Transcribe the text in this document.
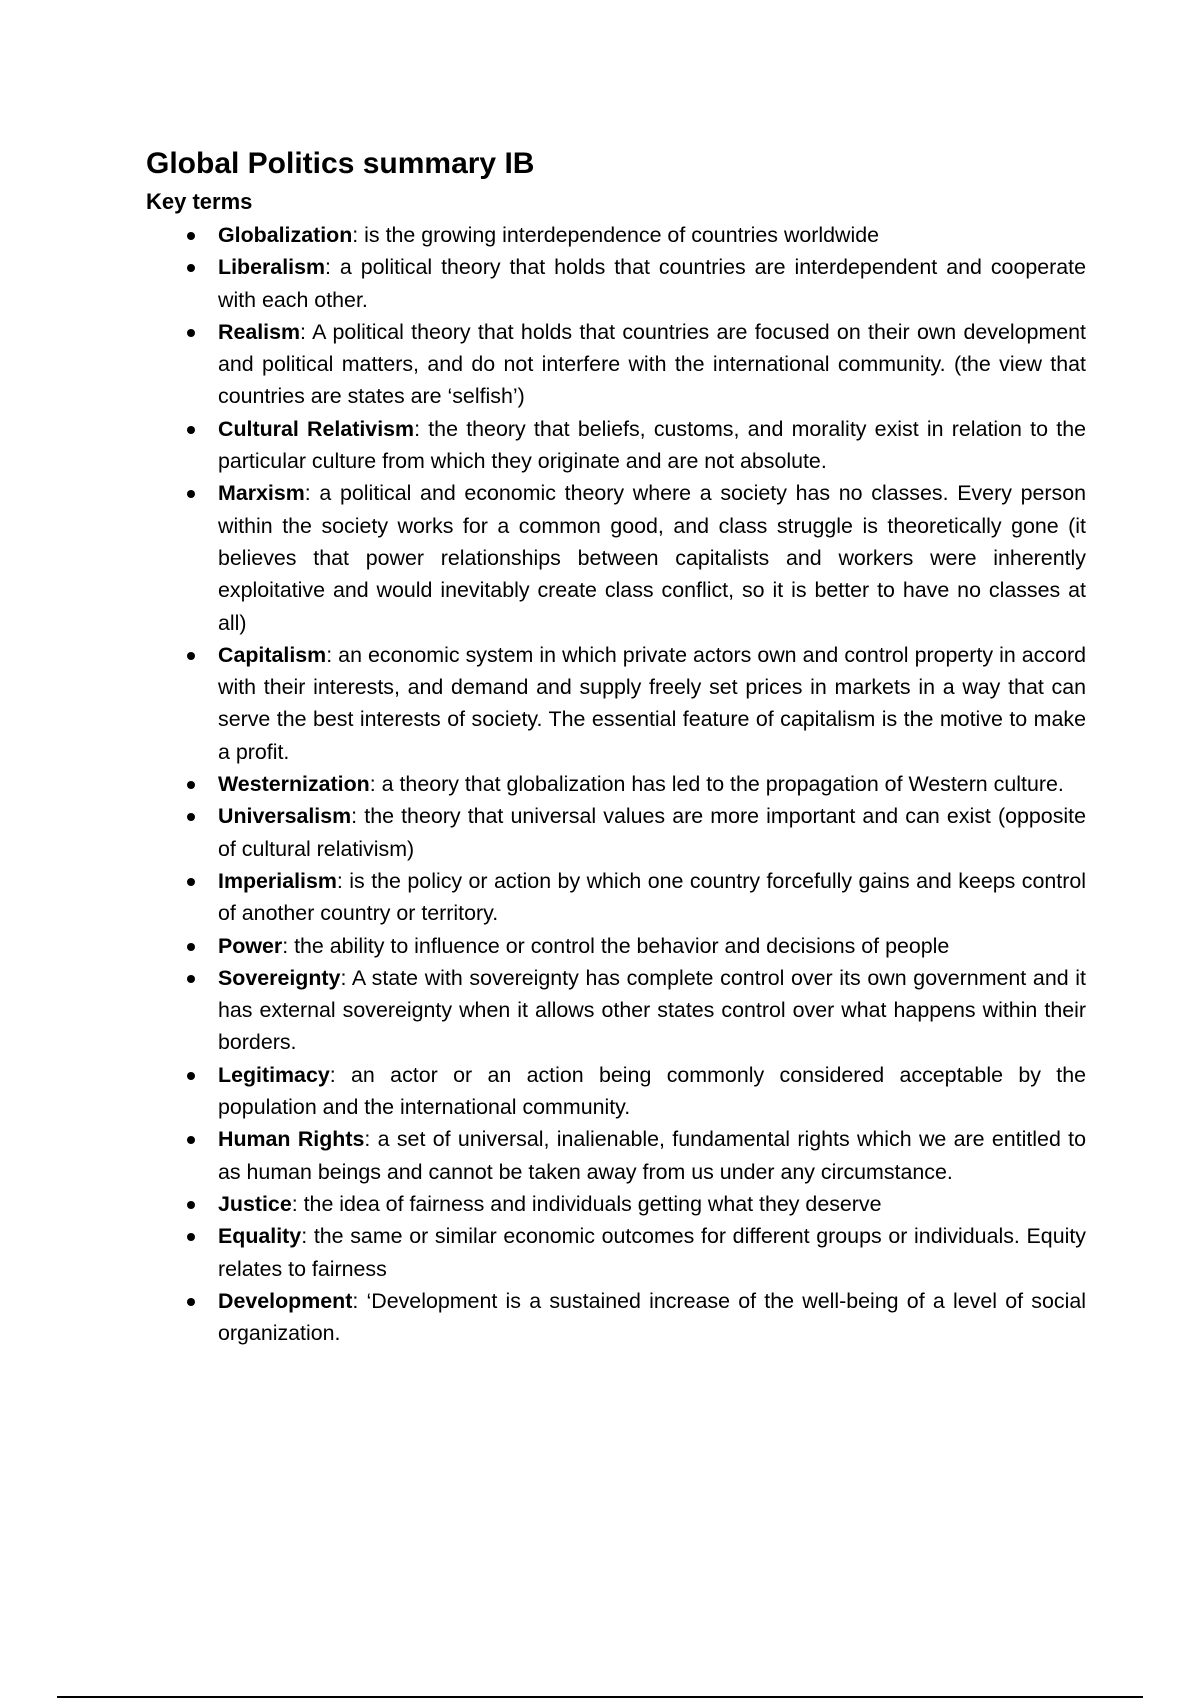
Global Politics summary IB
Key terms
Globalization: is the growing interdependence of countries worldwide
Liberalism: a political theory that holds that countries are interdependent and cooperate with each other.
Realism: A political theory that holds that countries are focused on their own development and political matters, and do not interfere with the international community. (the view that countries are states are ‘selfish’)
Cultural Relativism: the theory that beliefs, customs, and morality exist in relation to the particular culture from which they originate and are not absolute.
Marxism: a political and economic theory where a society has no classes. Every person within the society works for a common good, and class struggle is theoretically gone (it believes that power relationships between capitalists and workers were inherently exploitative and would inevitably create class conflict, so it is better to have no classes at all)
Capitalism: an economic system in which private actors own and control property in accord with their interests, and demand and supply freely set prices in markets in a way that can serve the best interests of society. The essential feature of capitalism is the motive to make a profit.
Westernization: a theory that globalization has led to the propagation of Western culture.
Universalism: the theory that universal values are more important and can exist (opposite of cultural relativism)
Imperialism: is the policy or action by which one country forcefully gains and keeps control of another country or territory.
Power: the ability to influence or control the behavior and decisions of people
Sovereignty: A state with sovereignty has complete control over its own government and it has external sovereignty when it allows other states control over what happens within their borders.
Legitimacy: an actor or an action being commonly considered acceptable by the population and the international community.
Human Rights: a set of universal, inalienable, fundamental rights which we are entitled to as human beings and cannot be taken away from us under any circumstance.
Justice: the idea of fairness and individuals getting what they deserve
Equality: the same or similar economic outcomes for different groups or individuals. Equity relates to fairness
Development: ‘Development is a sustained increase of the well-being of a level of social organization.
